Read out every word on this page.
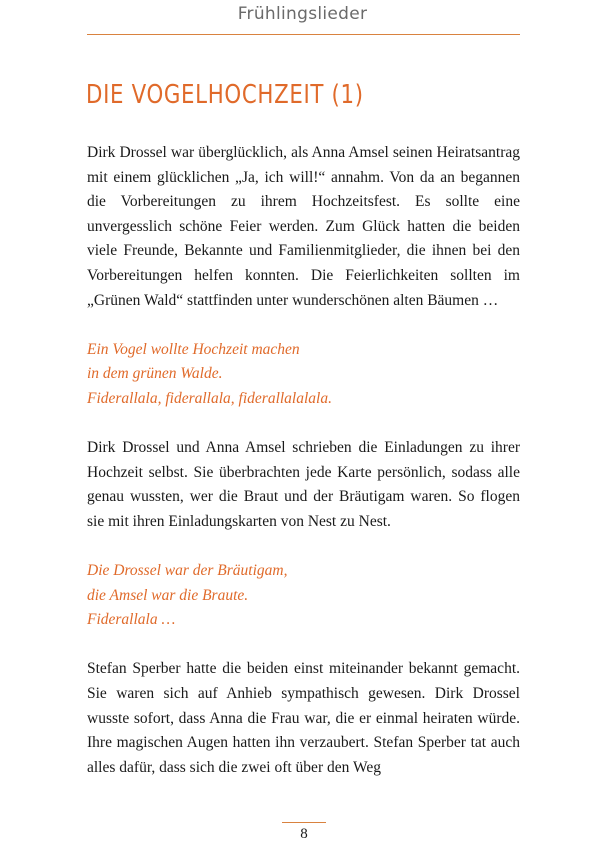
Frühlingslieder
DIE VOGELHOCHZEIT (1)

Dirk Drossel war überglücklich, als Anna Amsel seinen Heiratsantrag mit einem glücklichen „Ja, ich will!“ annahm. Von da an begannen die Vorbereitungen zu ihrem Hochzeitsfest. Es sollte eine unvergesslich schöne Feier werden. Zum Glück hatten die beiden viele Freunde, Bekannte und Familienmitglieder, die ihnen bei den Vorbereitungen helfen konnten. Die Feierlichkeiten sollten im „Grünen Wald“ stattfinden unter wunderschönen alten Bäumen …

Ein Vogel wollte Hochzeit machen
in dem grünen Walde.
Fiderallala, fiderallala, fiderallalalala.

Dirk Drossel und Anna Amsel schrieben die Einladungen zu ihrer Hochzeit selbst. Sie überbrachten jede Karte persönlich, sodass alle genau wussten, wer die Braut und der Bräutigam waren. So flogen sie mit ihren Einladungskarten von Nest zu Nest.

Die Drossel war der Bräutigam,
die Amsel war die Braute.
Fiderallala …

Stefan Sperber hatte die beiden einst miteinander bekannt gemacht. Sie waren sich auf Anhieb sympathisch gewesen. Dirk Drossel wusste sofort, dass Anna die Frau war, die er einmal heiraten würde. Ihre magischen Augen hatten ihn verzaubert. Stefan Sperber tat auch alles dafür, dass sich die zwei oft über den Weg

8
